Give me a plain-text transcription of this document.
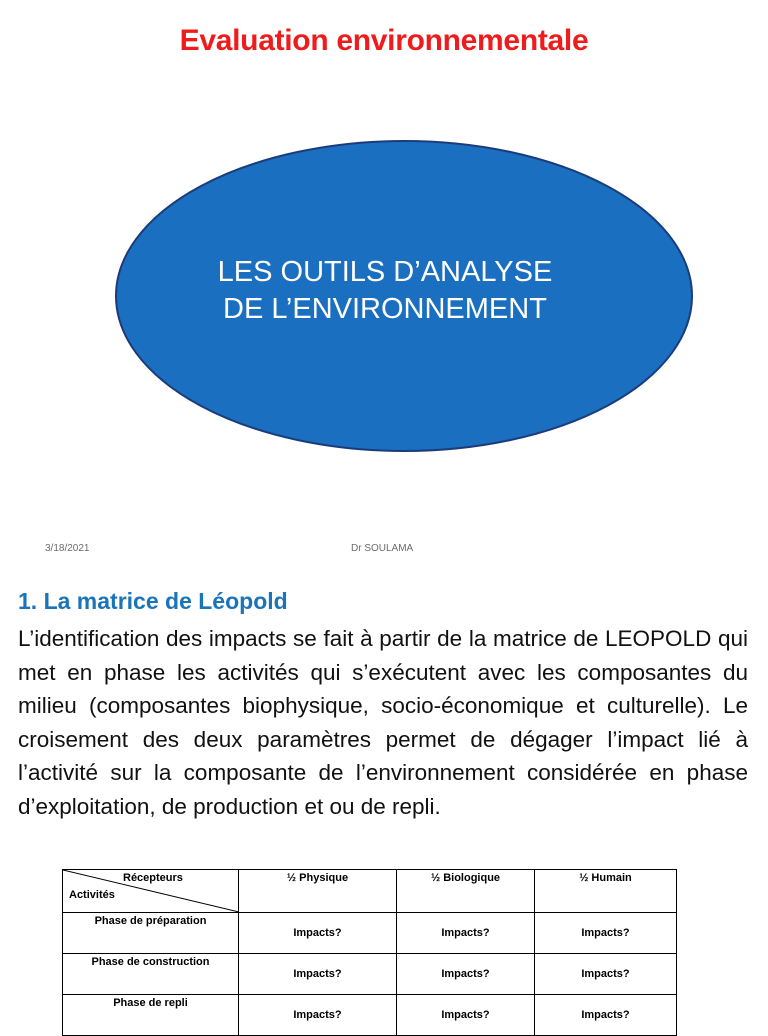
Evaluation environnementale
LES OUTILS D’ANALYSE
DE L’ENVIRONNEMENT
3/18/2021	Dr SOULAMA
1. La matrice de Léopold
L’identification des impacts se fait à partir de la matrice de LEOPOLD qui met en phase les activités qui s’exécutent avec les composantes du milieu (composantes biophysique, socio-économique et culturelle). Le croisement des deux paramètres permet de dégager l’impact lié à l’activité sur la composante de l’environnement considérée en phase d’exploitation, de production et ou de repli.
Récepteurs
Activités	½ Physique	½ Biologique	½ Humain

Phase de préparation	Impacts?	Impacts?	Impacts?

Phase de construction	Impacts?	Impacts?	Impacts?

Phase de repli	Impacts?	Impacts?	Impacts?
